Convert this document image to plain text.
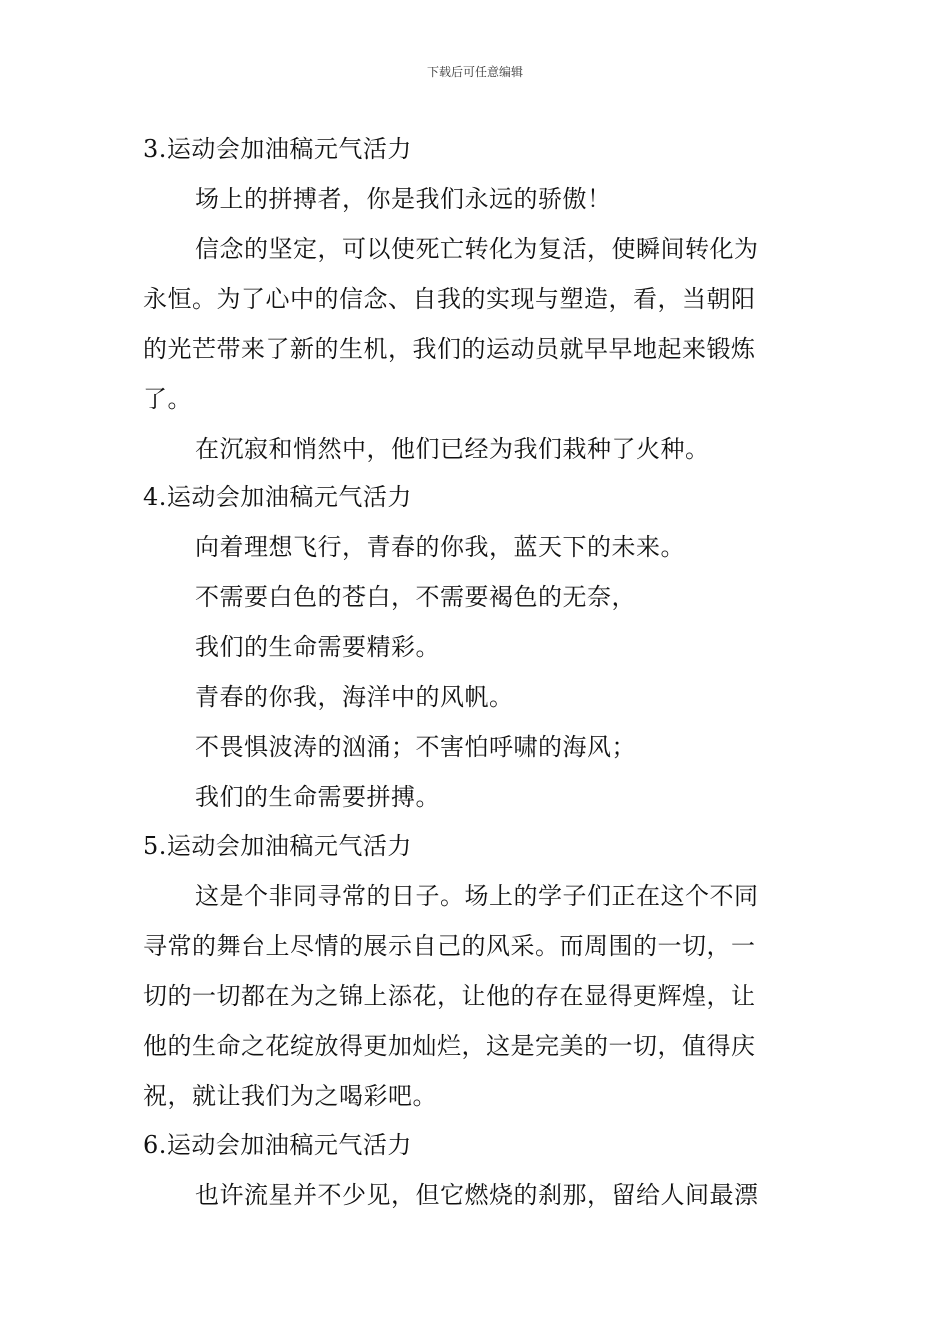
下载后可任意编辑
3.运动会加油稿元气活力
场上的拼搏者，你是我们永远的骄傲！
信念的坚定，可以使死亡转化为复活，使瞬间转化为
永恒。为了心中的信念、自我的实现与塑造，看，当朝阳
的光芒带来了新的生机，我们的运动员就早早地起来锻炼
了。
在沉寂和悄然中，他们已经为我们栽种了火种。
4.运动会加油稿元气活力
向着理想飞行，青春的你我，蓝天下的未来。
不需要白色的苍白，不需要褐色的无奈，
我们的生命需要精彩。
青春的你我，海洋中的风帆。
不畏惧波涛的汹涌；不害怕呼啸的海风；
我们的生命需要拼搏。
5.运动会加油稿元气活力
这是个非同寻常的日子。场上的学子们正在这个不同
寻常的舞台上尽情的展示自己的风采。而周围的一切，一
切的一切都在为之锦上添花，让他的存在显得更辉煌，让
他的生命之花绽放得更加灿烂，这是完美的一切，值得庆
祝，就让我们为之喝彩吧。
6.运动会加油稿元气活力
也许流星并不少见，但它燃烧的刹那，留给人间最漂
